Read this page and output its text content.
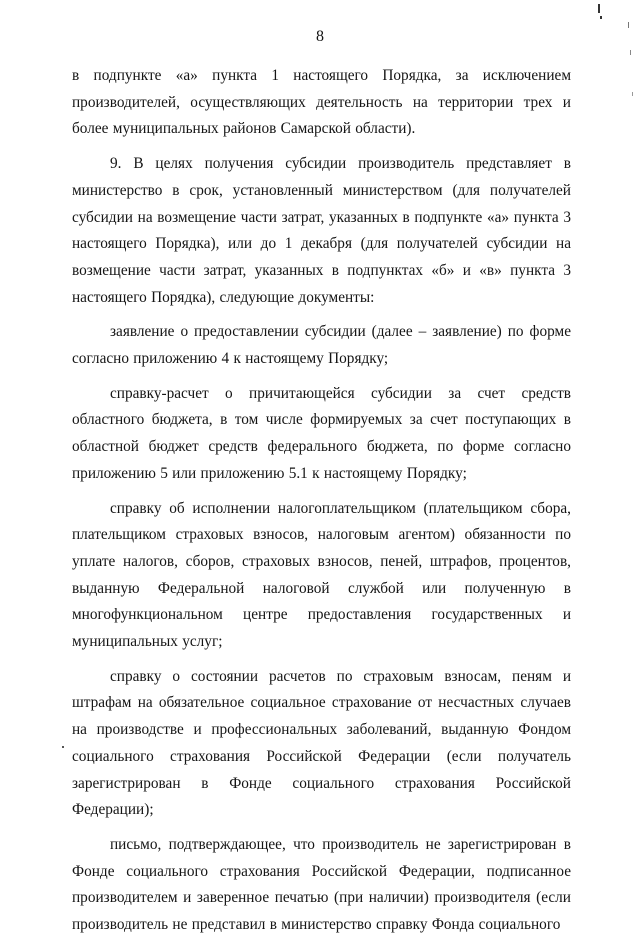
8

в подпункте «а» пункта 1 настоящего Порядка, за исключением производителей, осуществляющих деятельность на территории трех и более муниципальных районов Самарской области).

9. В целях получения субсидии производитель представляет в министерство в срок, установленный министерством (для получателей субсидии на возмещение части затрат, указанных в подпункте «а» пункта 3 настоящего Порядка), или до 1 декабря (для получателей субсидии на возмещение части затрат, указанных в подпунктах «б» и «в» пункта 3 настоящего Порядка), следующие документы:

заявление о предоставлении субсидии (далее – заявление) по форме согласно приложению 4 к настоящему Порядку;

справку-расчет о причитающейся субсидии за счет средств областного бюджета, в том числе формируемых за счет поступающих в областной бюджет средств федерального бюджета, по форме согласно приложению 5 или приложению 5.1 к настоящему Порядку;

справку об исполнении налогоплательщиком (плательщиком сбора, плательщиком страховых взносов, налоговым агентом) обязанности по уплате налогов, сборов, страховых взносов, пеней, штрафов, процентов, выданную Федеральной налоговой службой или полученную в многофункциональном центре предоставления государственных и муниципальных услуг;

справку о состоянии расчетов по страховым взносам, пеням и штрафам на обязательное социальное страхование от несчастных случаев на производстве и профессиональных заболеваний, выданную Фондом социального страхования Российской Федерации (если получатель зарегистрирован в Фонде социального страхования Российской Федерации);

письмо, подтверждающее, что производитель не зарегистрирован в Фонде социального страхования Российской Федерации, подписанное производителем и заверенное печатью (при наличии) производителя (если производитель не представил в министерство справку Фонда социального
